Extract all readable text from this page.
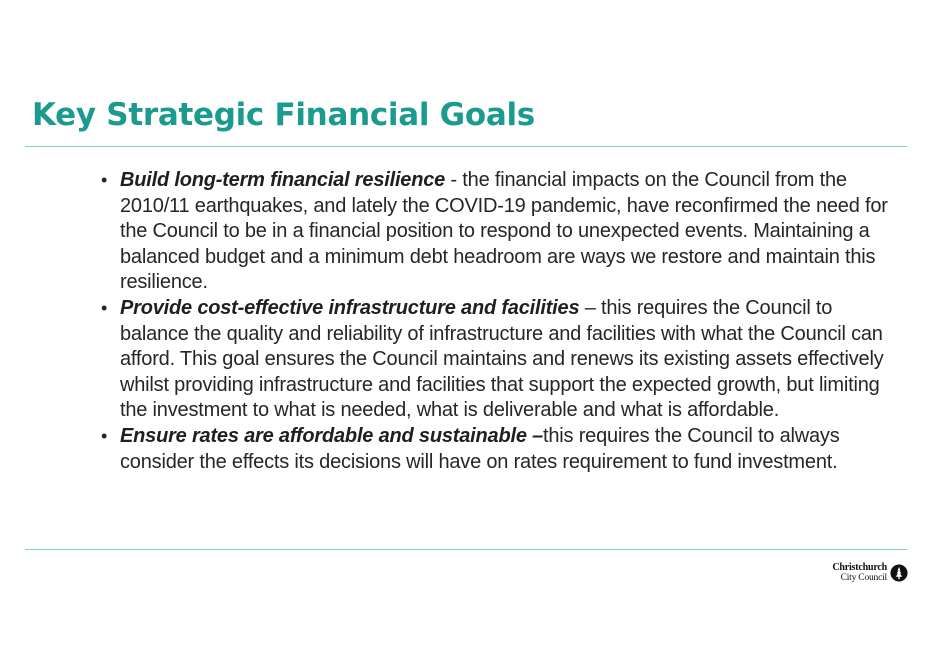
Key Strategic Financial Goals
• Build long-term financial resilience - the financial impacts on the Council from the 2010/11 earthquakes, and lately the COVID-19 pandemic, have reconfirmed the need for the Council to be in a financial position to respond to unexpected events. Maintaining a balanced budget and a minimum debt headroom are ways we restore and maintain this resilience.
• Provide cost-effective infrastructure and facilities – this requires the Council to balance the quality and reliability of infrastructure and facilities with what the Council can afford. This goal ensures the Council maintains and renews its existing assets effectively whilst providing infrastructure and facilities that support the expected growth, but limiting the investment to what is needed, what is deliverable and what is affordable.
• Ensure rates are affordable and sustainable –this requires the Council to always consider the effects its decisions will have on rates requirement to fund investment.
Christchurch
City Council
